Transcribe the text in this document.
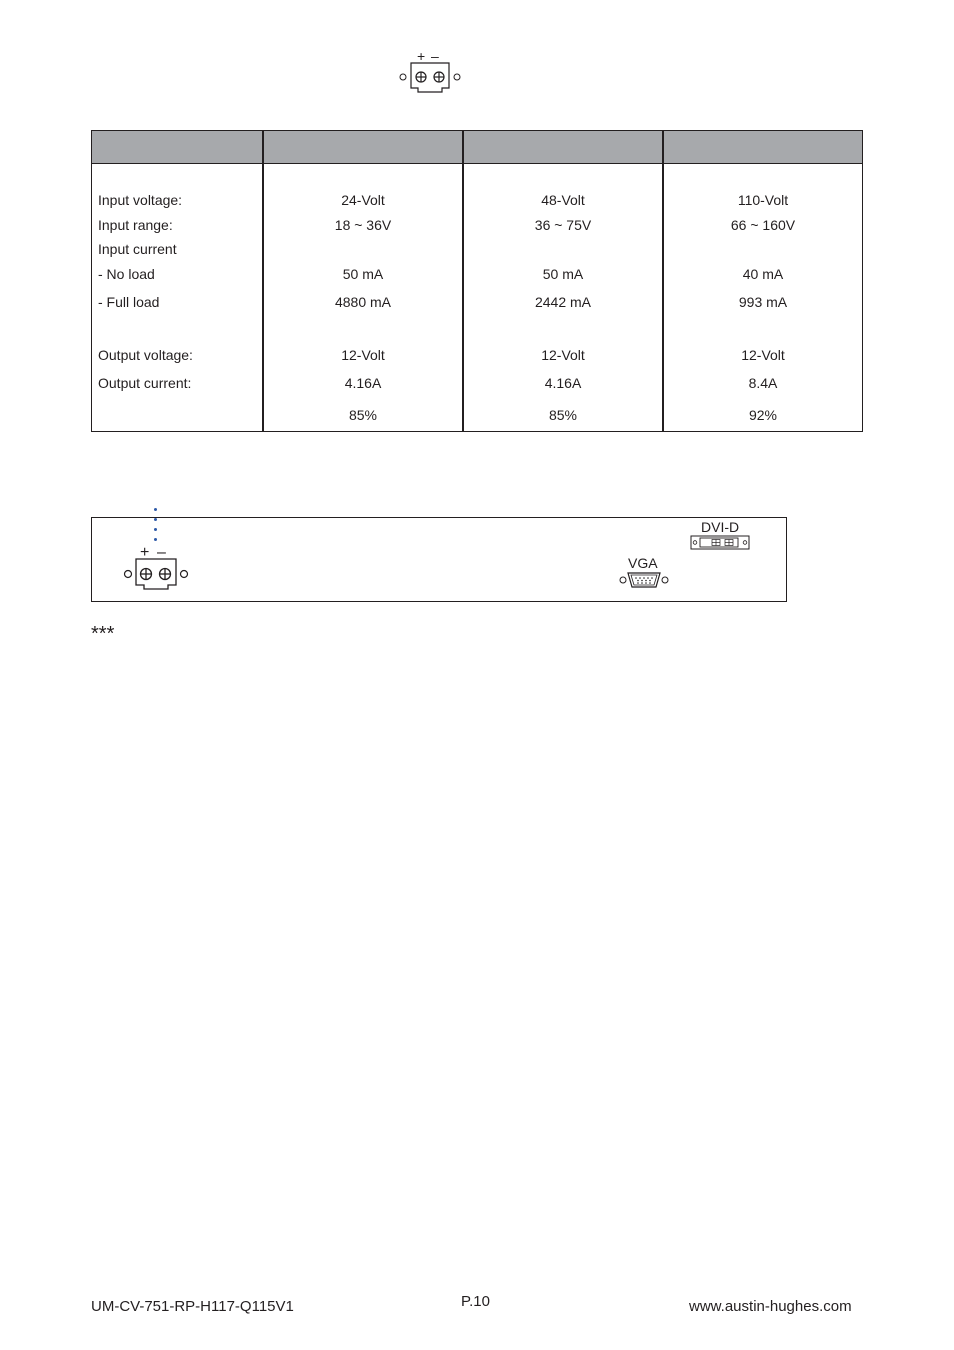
+ –
Input voltage:
Input range:
Input current
- No load
- Full load
Output voltage:
Output current:
24-Volt
18 ~ 36V
50 mA
4880 mA
12-Volt
4.16A
85%
48-Volt
36 ~ 75V
50 mA
2442 mA
12-Volt
4.16A
85%
110-Volt
66 ~ 160V
40 mA
993 mA
12-Volt
8.4A
92%
+ –
DVI-D
VGA
***
UM-CV-751-RP-H117-Q115V1	P.10	www.austin-hughes.com
